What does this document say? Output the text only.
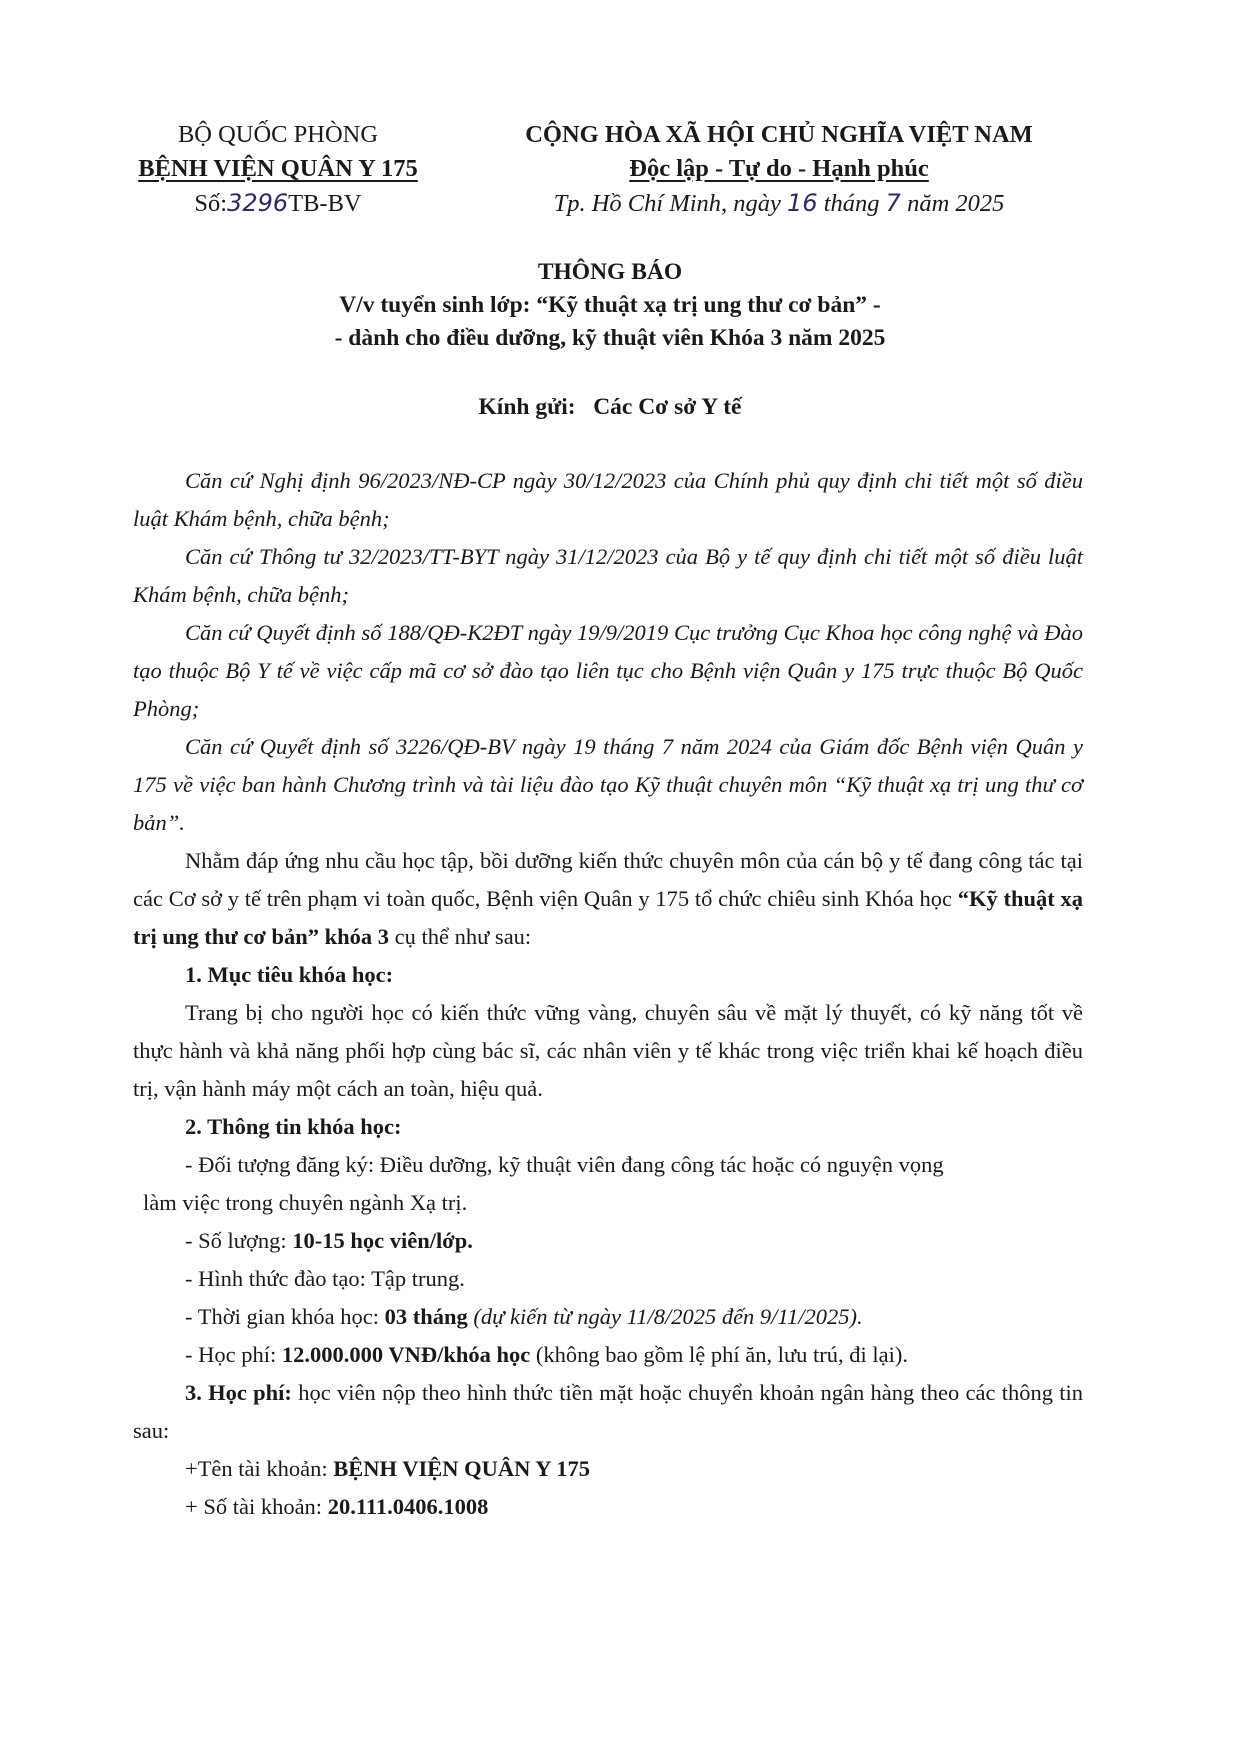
BỘ QUỐC PHÒNG
BỆNH VIỆN QUÂN Y 175
Số:3296TB-BV
CỘNG HÒA XÃ HỘI CHỦ NGHĨA VIỆT NAM
Độc lập - Tự do - Hạnh phúc
Tp. Hồ Chí Minh, ngày 16 tháng 7 năm 2025
THÔNG BÁO
V/v tuyển sinh lớp: “Kỹ thuật xạ trị ung thư cơ bản” -
- dành cho điều dưỡng, kỹ thuật viên Khóa 3 năm 2025
Kính gửi: Các Cơ sở Y tế

Căn cứ Nghị định 96/2023/NĐ-CP ngày 30/12/2023 của Chính phủ quy định chi tiết một số điều luật Khám bệnh, chữa bệnh;

Căn cứ Thông tư 32/2023/TT-BYT ngày 31/12/2023 của Bộ y tế quy định chi tiết một số điều luật Khám bệnh, chữa bệnh;

Căn cứ Quyết định số 188/QĐ-K2ĐT ngày 19/9/2019 Cục trưởng Cục Khoa học công nghệ và Đào tạo thuộc Bộ Y tế về việc cấp mã cơ sở đào tạo liên tục cho Bệnh viện Quân y 175 trực thuộc Bộ Quốc Phòng;

Căn cứ Quyết định số 3226/QĐ-BV ngày 19 tháng 7 năm 2024 của Giám đốc Bệnh viện Quân y 175 về việc ban hành Chương trình và tài liệu đào tạo Kỹ thuật chuyên môn “Kỹ thuật xạ trị ung thư cơ bản”.

Nhằm đáp ứng nhu cầu học tập, bồi dưỡng kiến thức chuyên môn của cán bộ y tế đang công tác tại các Cơ sở y tế trên phạm vi toàn quốc, Bệnh viện Quân y 175 tổ chức chiêu sinh Khóa học “Kỹ thuật xạ trị ung thư cơ bản” khóa 3 cụ thể như sau:

1. Mục tiêu khóa học:

Trang bị cho người học có kiến thức vững vàng, chuyên sâu về mặt lý thuyết, có kỹ năng tốt về thực hành và khả năng phối hợp cùng bác sĩ, các nhân viên y tế khác trong việc triển khai kế hoạch điều trị, vận hành máy một cách an toàn, hiệu quả.

2. Thông tin khóa học:

- Đối tượng đăng ký: Điều dưỡng, kỹ thuật viên đang công tác hoặc có nguyện vọng

làm việc trong chuyên ngành Xạ trị.

- Số lượng: 10-15 học viên/lớp.

- Hình thức đào tạo: Tập trung.

- Thời gian khóa học: 03 tháng (dự kiến từ ngày 11/8/2025 đến 9/11/2025).

- Học phí: 12.000.000 VNĐ/khóa học (không bao gồm lệ phí ăn, lưu trú, đi lại).

3. Học phí: học viên nộp theo hình thức tiền mặt hoặc chuyển khoản ngân hàng theo các thông tin sau:

+Tên tài khoản: BỆNH VIỆN QUÂN Y 175

+ Số tài khoản: 20.111.0406.1008
